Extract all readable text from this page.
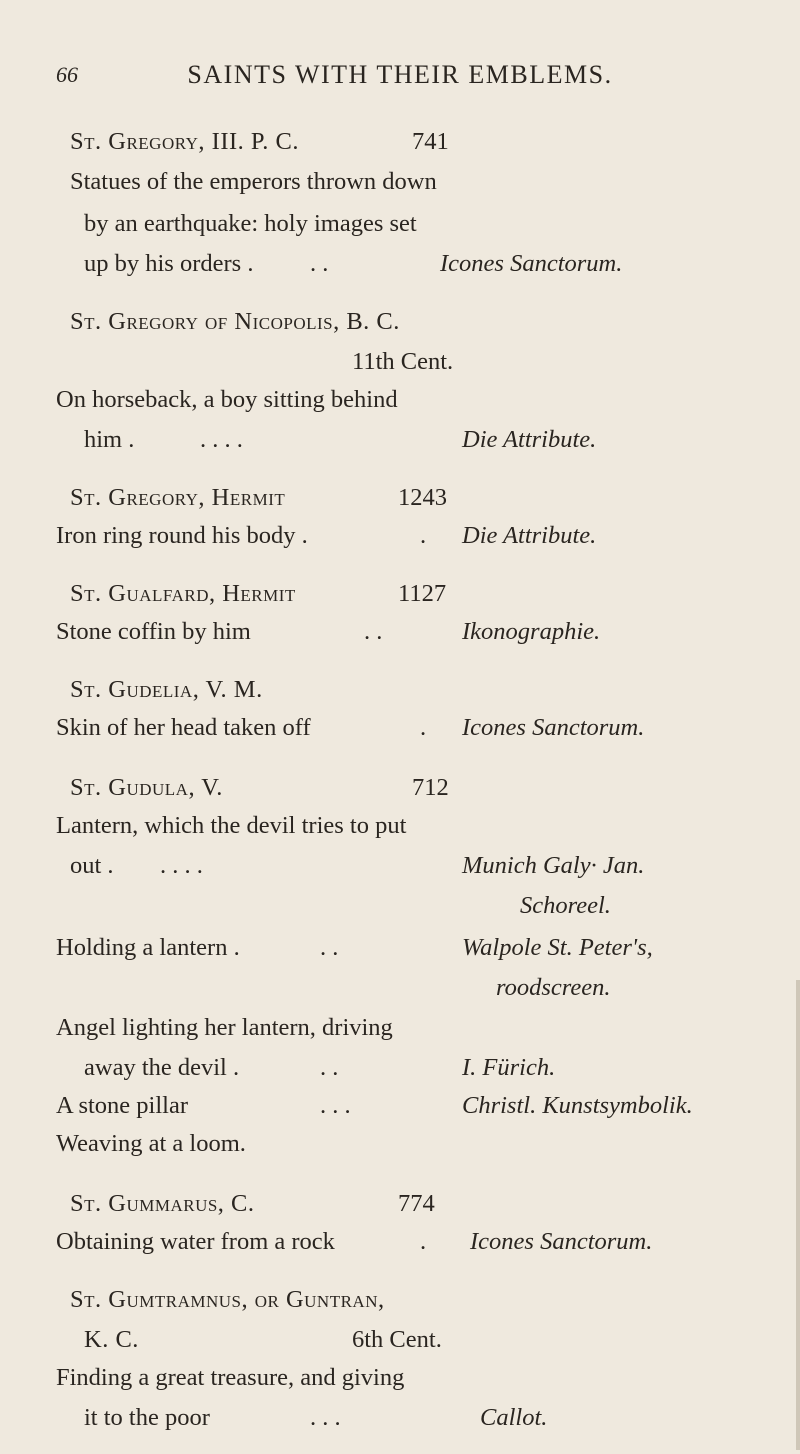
66	SAINTS WITH THEIR EMBLEMS.
St. Gregory, III. P. C.	741
Statues of the emperors thrown down
by an earthquake: holy images set
up by his orders . . .	Icones Sanctorum.
St. Gregory of Nicopolis, B. C.
11th Cent.
On horseback, a boy sitting behind
him .	. . . .	Die Attribute.
St. Gregory, Hermit	1243
Iron ring round his body .	. Die Attribute.
St. Gualfard, Hermit	1127
Stone coffin by him	. .	Ikonographie.
St. Gudelia, V. M.
Skin of her head taken off	. Icones Sanctorum.
St. Gudula, V.	712
Lantern, which the devil tries to put
out . . . . .	Munich Galy· Jan.
Schoreel.
Holding a lantern .	. .	Walpole St. Peter's,
roodscreen.
Angel lighting her lantern, driving
away the devil .	. .	I. Fürich.
A stone pillar	. . .	Christl. Kunstsymbolik.
Weaving at a loom.
St. Gummarus, C.	774
Obtaining water from a rock	. Icones Sanctorum.
St. Gumtramnus, or Guntran,
K. C.	6th Cent.
Finding a great treasure, and giving
it to the poor	. . .	Callot.
